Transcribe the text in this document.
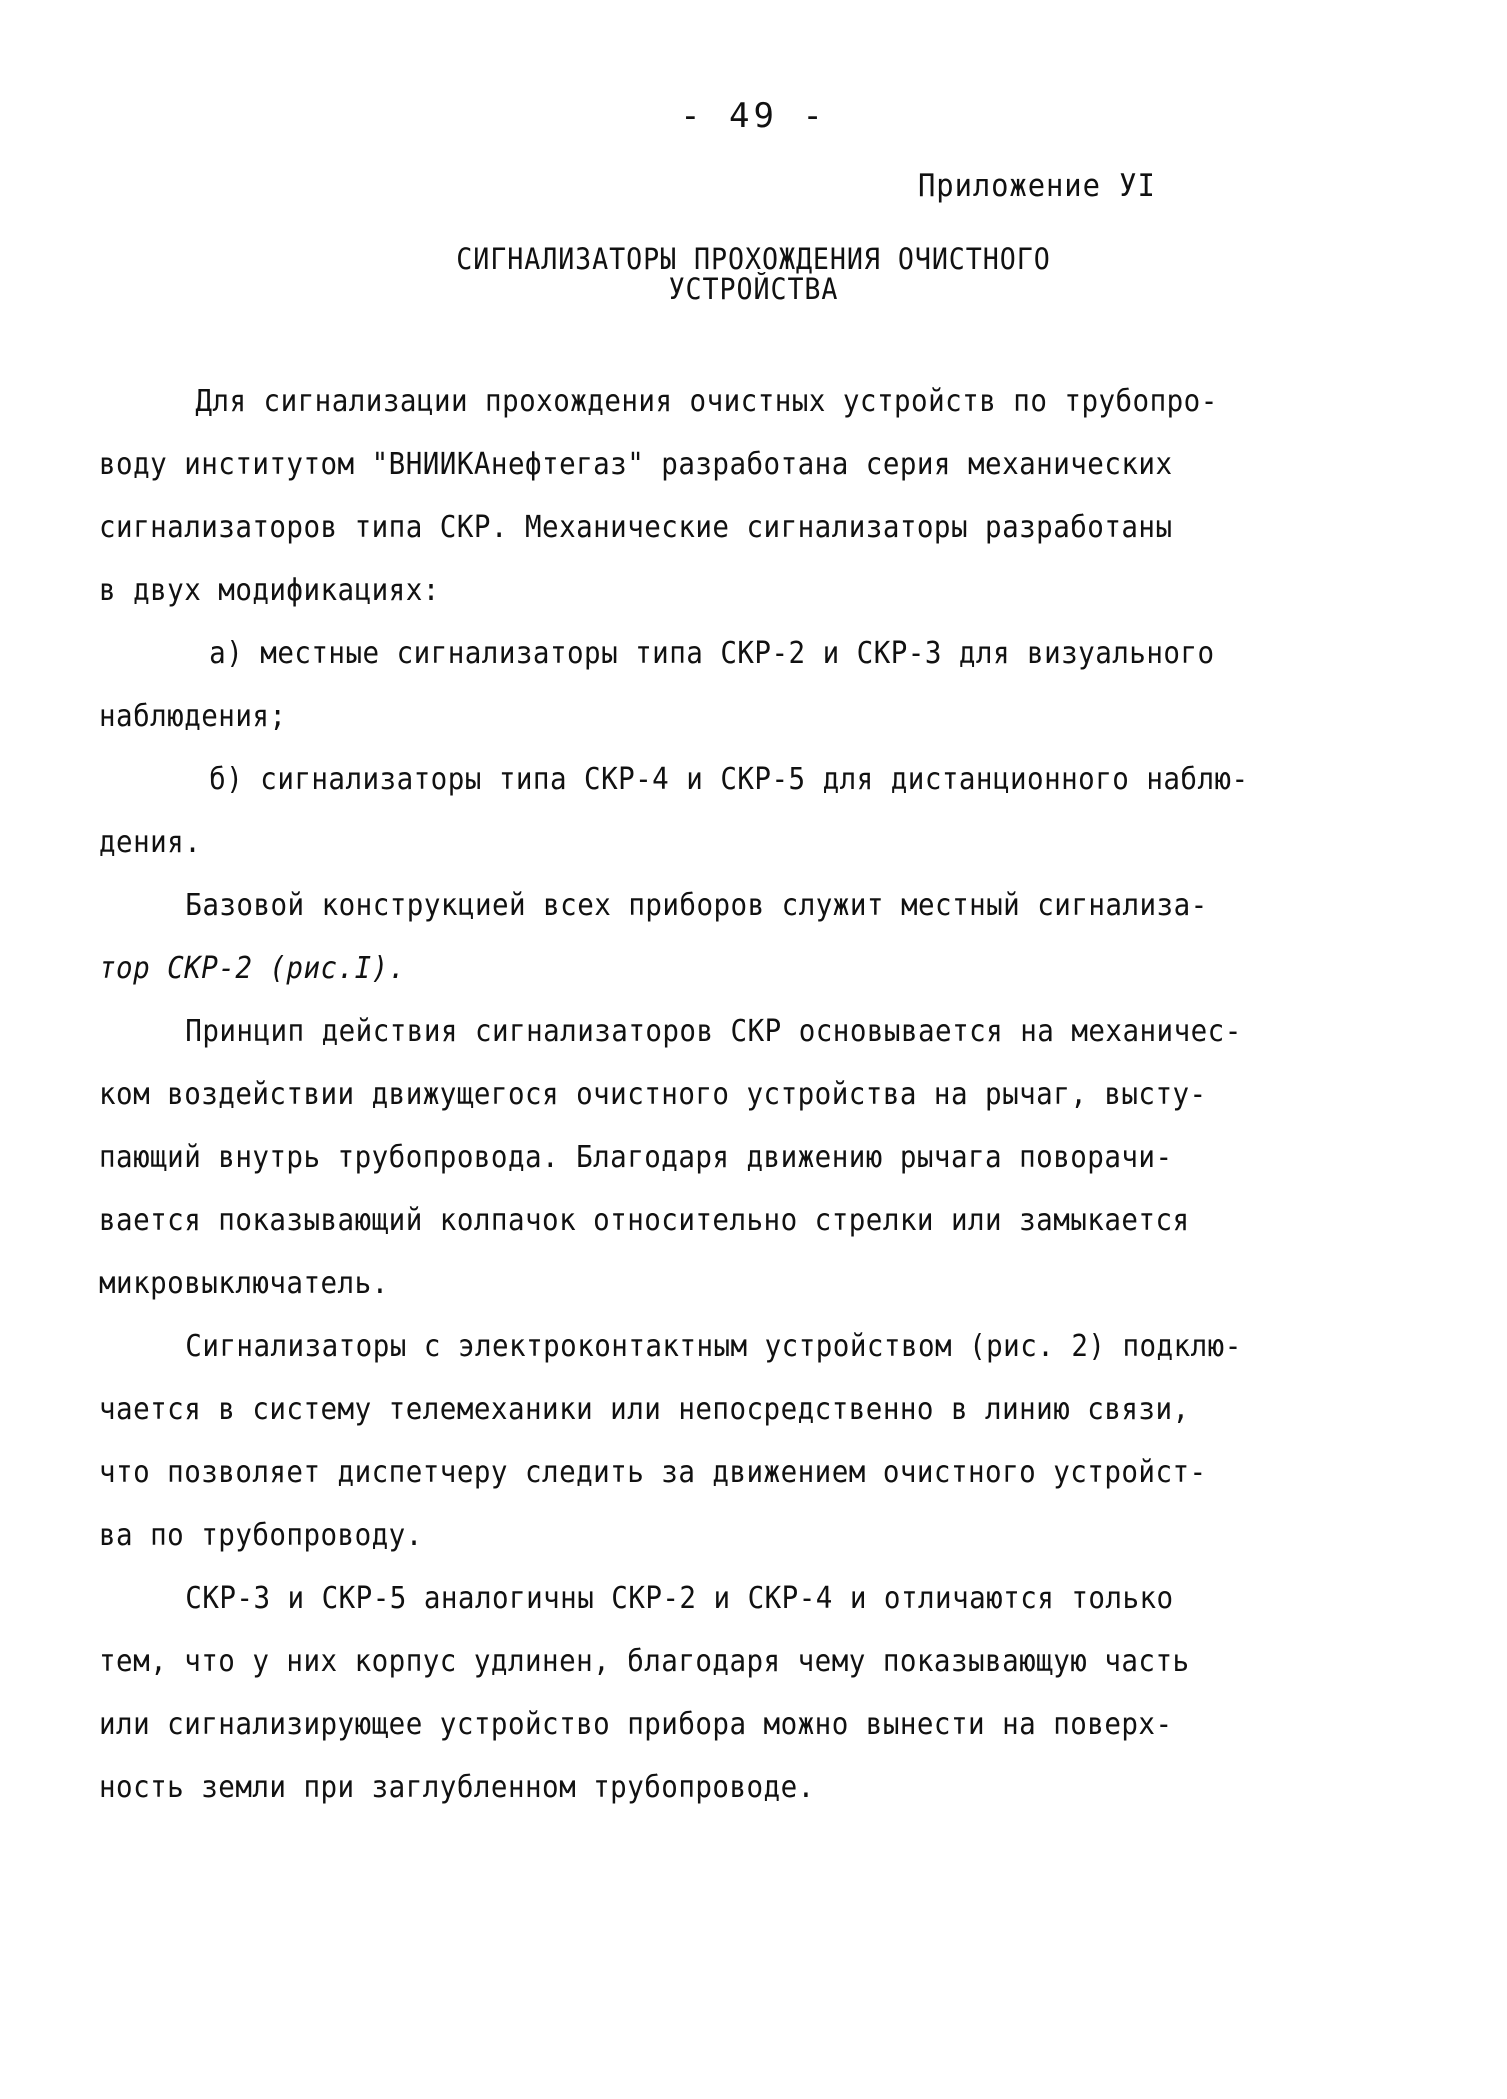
- 49 -
Приложение УI
СИГНАЛИЗАТОРЫ ПРОХОЖДЕНИЯ ОЧИСТНОГО
УСТРОЙСТВА
Для сигнализации прохождения очистных устройств по трубопро-
воду институтом "ВНИИКАнефтегаз" разработана серия механических
сигнализаторов типа СКР. Механические сигнализаторы разработаны
в двух модификациях:
а) местные сигнализаторы типа СКР-2 и СКР-3 для визуального
наблюдения;
б) сигнализаторы типа СКР-4 и СКР-5 для дистанционного наблю-
дения.
Базовой конструкцией всех приборов служит местный сигнализа-
тор СКР-2 (рис.I).
Принцип действия сигнализаторов СКР основывается на механичес-
ком воздействии движущегося очистного устройства на рычаг, высту-
пающий внутрь трубопровода. Благодаря движению рычага поворачи-
вается показывающий колпачок относительно стрелки или замыкается
микровыключатель.
Сигнализаторы с электроконтактным устройством (рис. 2) подклю-
чается в систему телемеханики или непосредственно в линию связи,
что позволяет диспетчеру следить за движением очистного устройст-
ва по трубопроводу.
СКР-3 и СКР-5 аналогичны СКР-2 и СКР-4 и отличаются только
тем, что у них корпус удлинен, благодаря чему показывающую часть
или сигнализирующее устройство прибора можно вынести на поверх-
ность земли при заглубленном трубопроводе.
